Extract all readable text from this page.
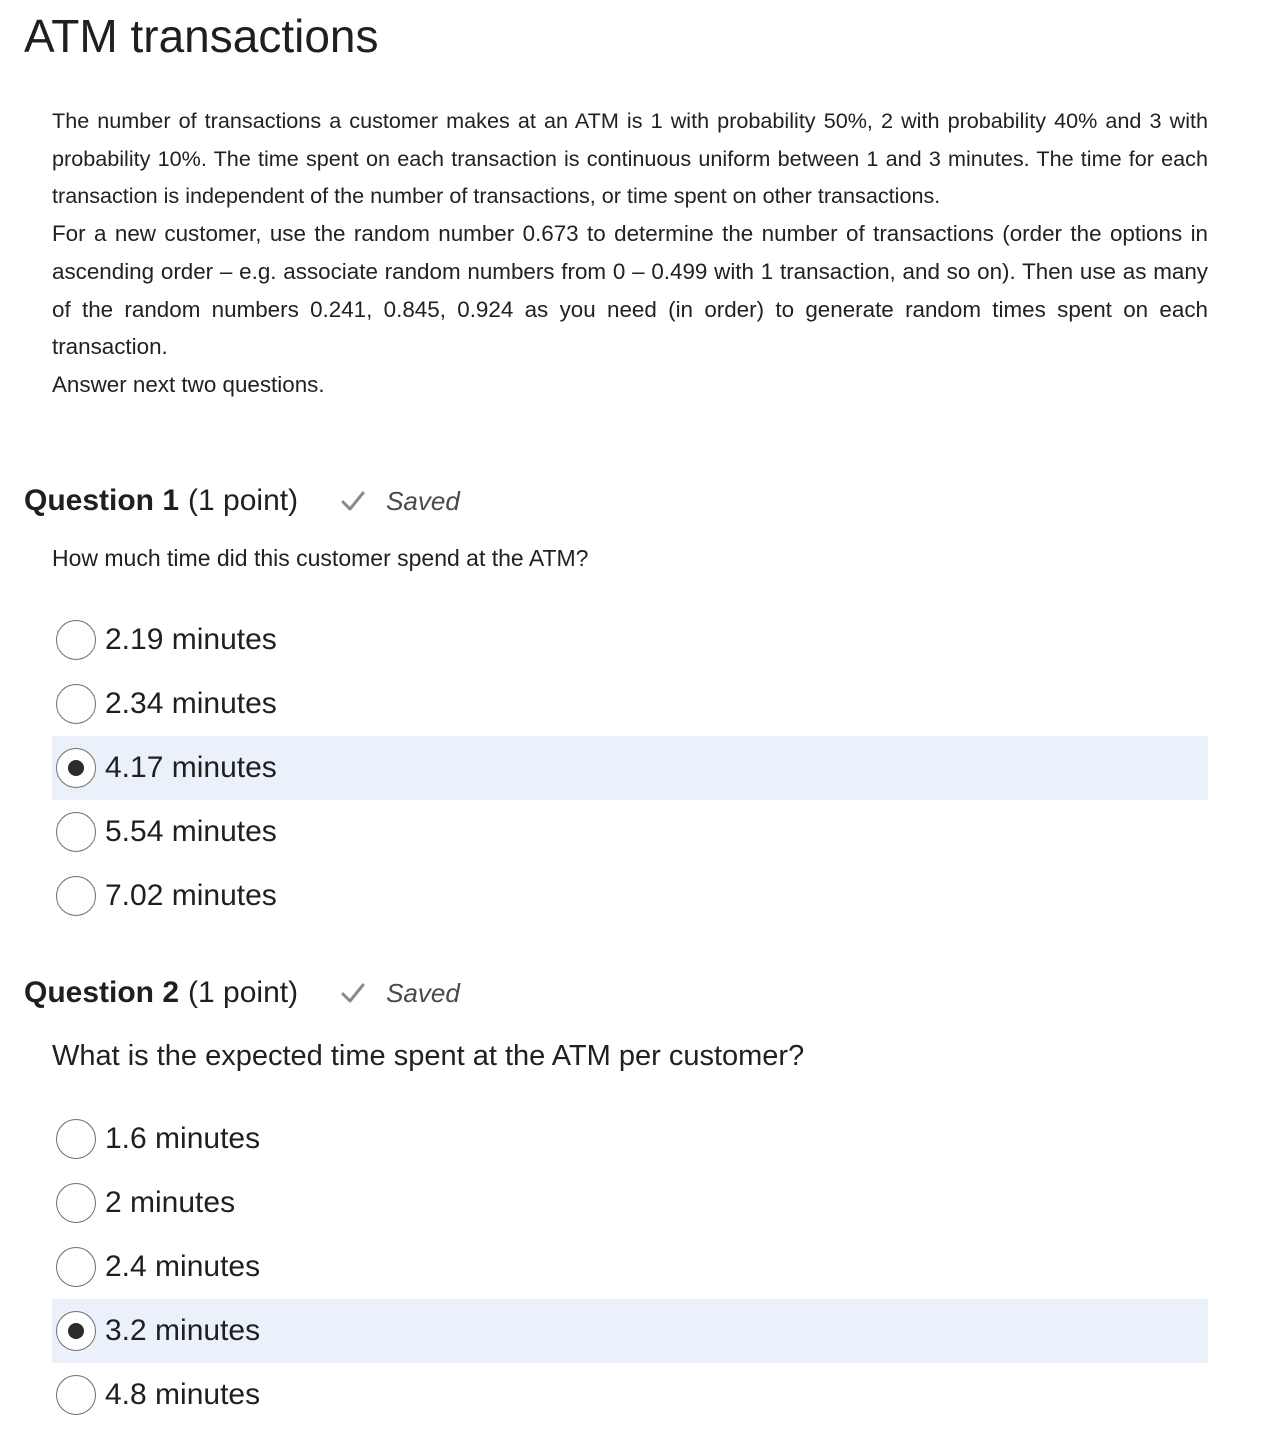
ATM transactions

The number of transactions a customer makes at an ATM is 1 with probability 50%, 2 with probability 40% and 3 with probability 10%. The time spent on each transaction is continuous uniform between 1 and 3 minutes. The time for each transaction is independent of the number of transactions, or time spent on other transactions.

For a new customer, use the random number 0.673 to determine the number of transactions (order the options in ascending order – e.g. associate random numbers from 0 – 0.499 with 1 transaction, and so on). Then use as many of the random numbers 0.241, 0.845, 0.924 as you need (in order) to generate random times spent on each transaction.

Answer next two questions.

Question 1 (1 point)	Saved

How much time did this customer spend at the ATM?

2.19 minutes
2.34 minutes
4.17 minutes
5.54 minutes
7.02 minutes
Question 2 (1 point)	Saved

What is the expected time spent at the ATM per customer?

1.6 minutes
2 minutes
2.4 minutes
3.2 minutes
4.8 minutes
